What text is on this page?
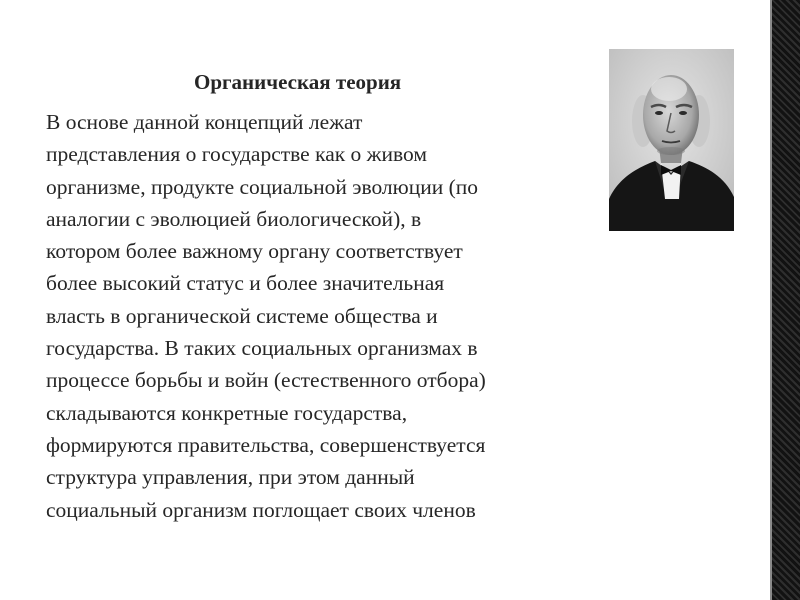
Органическая теория

В основе данной концепций лежат
представления о государстве как о живом
организме, продукте социальной эволюции (по
аналогии с эволюцией биологической), в
котором более важному органу соответствует
более высокий статус и более значительная
власть в органической системе общества и
государства. В таких социальных организмах в
процессе борьбы и войн (естественного отбора)
складываются конкретные государства,
формируются правительства, совершенствуется
структура управления, при этом данный
социальный организм поглощает своих членов
